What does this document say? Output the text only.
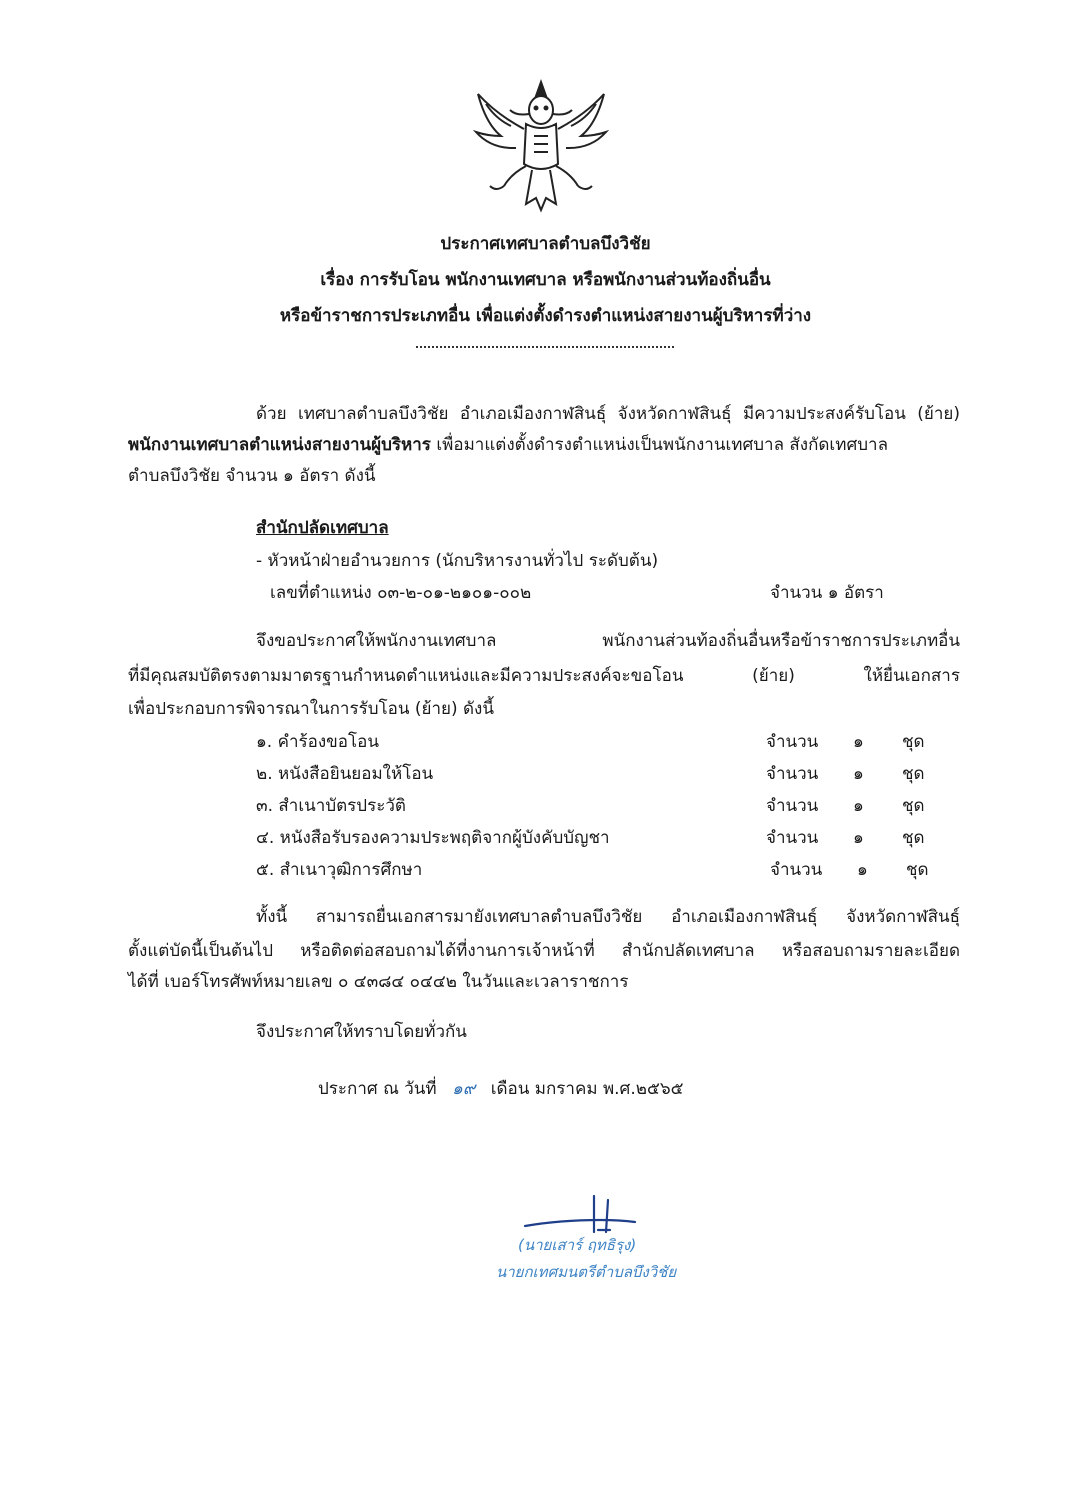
ประกาศเทศบาลตำบลบึงวิชัย
เรื่อง การรับโอน พนักงานเทศบาล หรือพนักงานส่วนท้องถิ่นอื่น
หรือข้าราชการประเภทอื่น เพื่อแต่งตั้งดำรงตำแหน่งสายงานผู้บริหารที่ว่าง
ด้วย เทศบาลตำบลบึงวิชัย อำเภอเมืองกาฬสินธุ์ จังหวัดกาฬสินธุ์ มีความประสงค์รับโอน (ย้าย)
พนักงานเทศบาลตำแหน่งสายงานผู้บริหาร เพื่อมาแต่งตั้งดำรงตำแหน่งเป็นพนักงานเทศบาล สังกัดเทศบาล
ตำบลบึงวิชัย จำนวน ๑ อัตรา ดังนี้
สำนักปลัดเทศบาล
- หัวหน้าฝ่ายอำนวยการ (นักบริหารงานทั่วไป ระดับต้น)
เลขที่ตำแหน่ง ๐๓-๒-๐๑-๒๑๐๑-๐๐๒	จำนวน ๑ อัตรา
จึงขอประกาศให้พนักงานเทศบาล พนักงานส่วนท้องถิ่นอื่นหรือข้าราชการประเภทอื่น
ที่มีคุณสมบัติตรงตามมาตรฐานกำหนดตำแหน่งและมีความประสงค์จะขอโอน (ย้าย) ให้ยื่นเอกสาร
เพื่อประกอบการพิจารณาในการรับโอน (ย้าย) ดังนี้
๑. คำร้องขอโอน	จำนวน ๑ ชุด
๒. หนังสือยินยอมให้โอน	จำนวน ๑ ชุด
๓. สำเนาบัตรประวัติ	จำนวน ๑ ชุด
๔. หนังสือรับรองความประพฤติจากผู้บังคับบัญชา	จำนวน ๑ ชุด
๕. สำเนาวุฒิการศึกษา	จำนวน ๑ ชุด
ทั้งนี้ สามารถยื่นเอกสารมายังเทศบาลตำบลบึงวิชัย อำเภอเมืองกาฬสินธุ์ จังหวัดกาฬสินธุ์
ตั้งแต่บัดนี้เป็นต้นไป หรือติดต่อสอบถามได้ที่งานการเจ้าหน้าที่ สำนักปลัดเทศบาล หรือสอบถามรายละเอียด
ได้ที่ เบอร์โทรศัพท์หมายเลข ๐ ๔๓๘๔ ๐๔๔๒ ในวันและเวลาราชการ
จึงประกาศให้ทราบโดยทั่วกัน
ประกาศ ณ วันที่ ๑๙ เดือน มกราคม พ.ศ.๒๕๖๕
(นายเสาร์ ฤทธิรุง)
นายกเทศมนตรีตำบลบึงวิชัย
